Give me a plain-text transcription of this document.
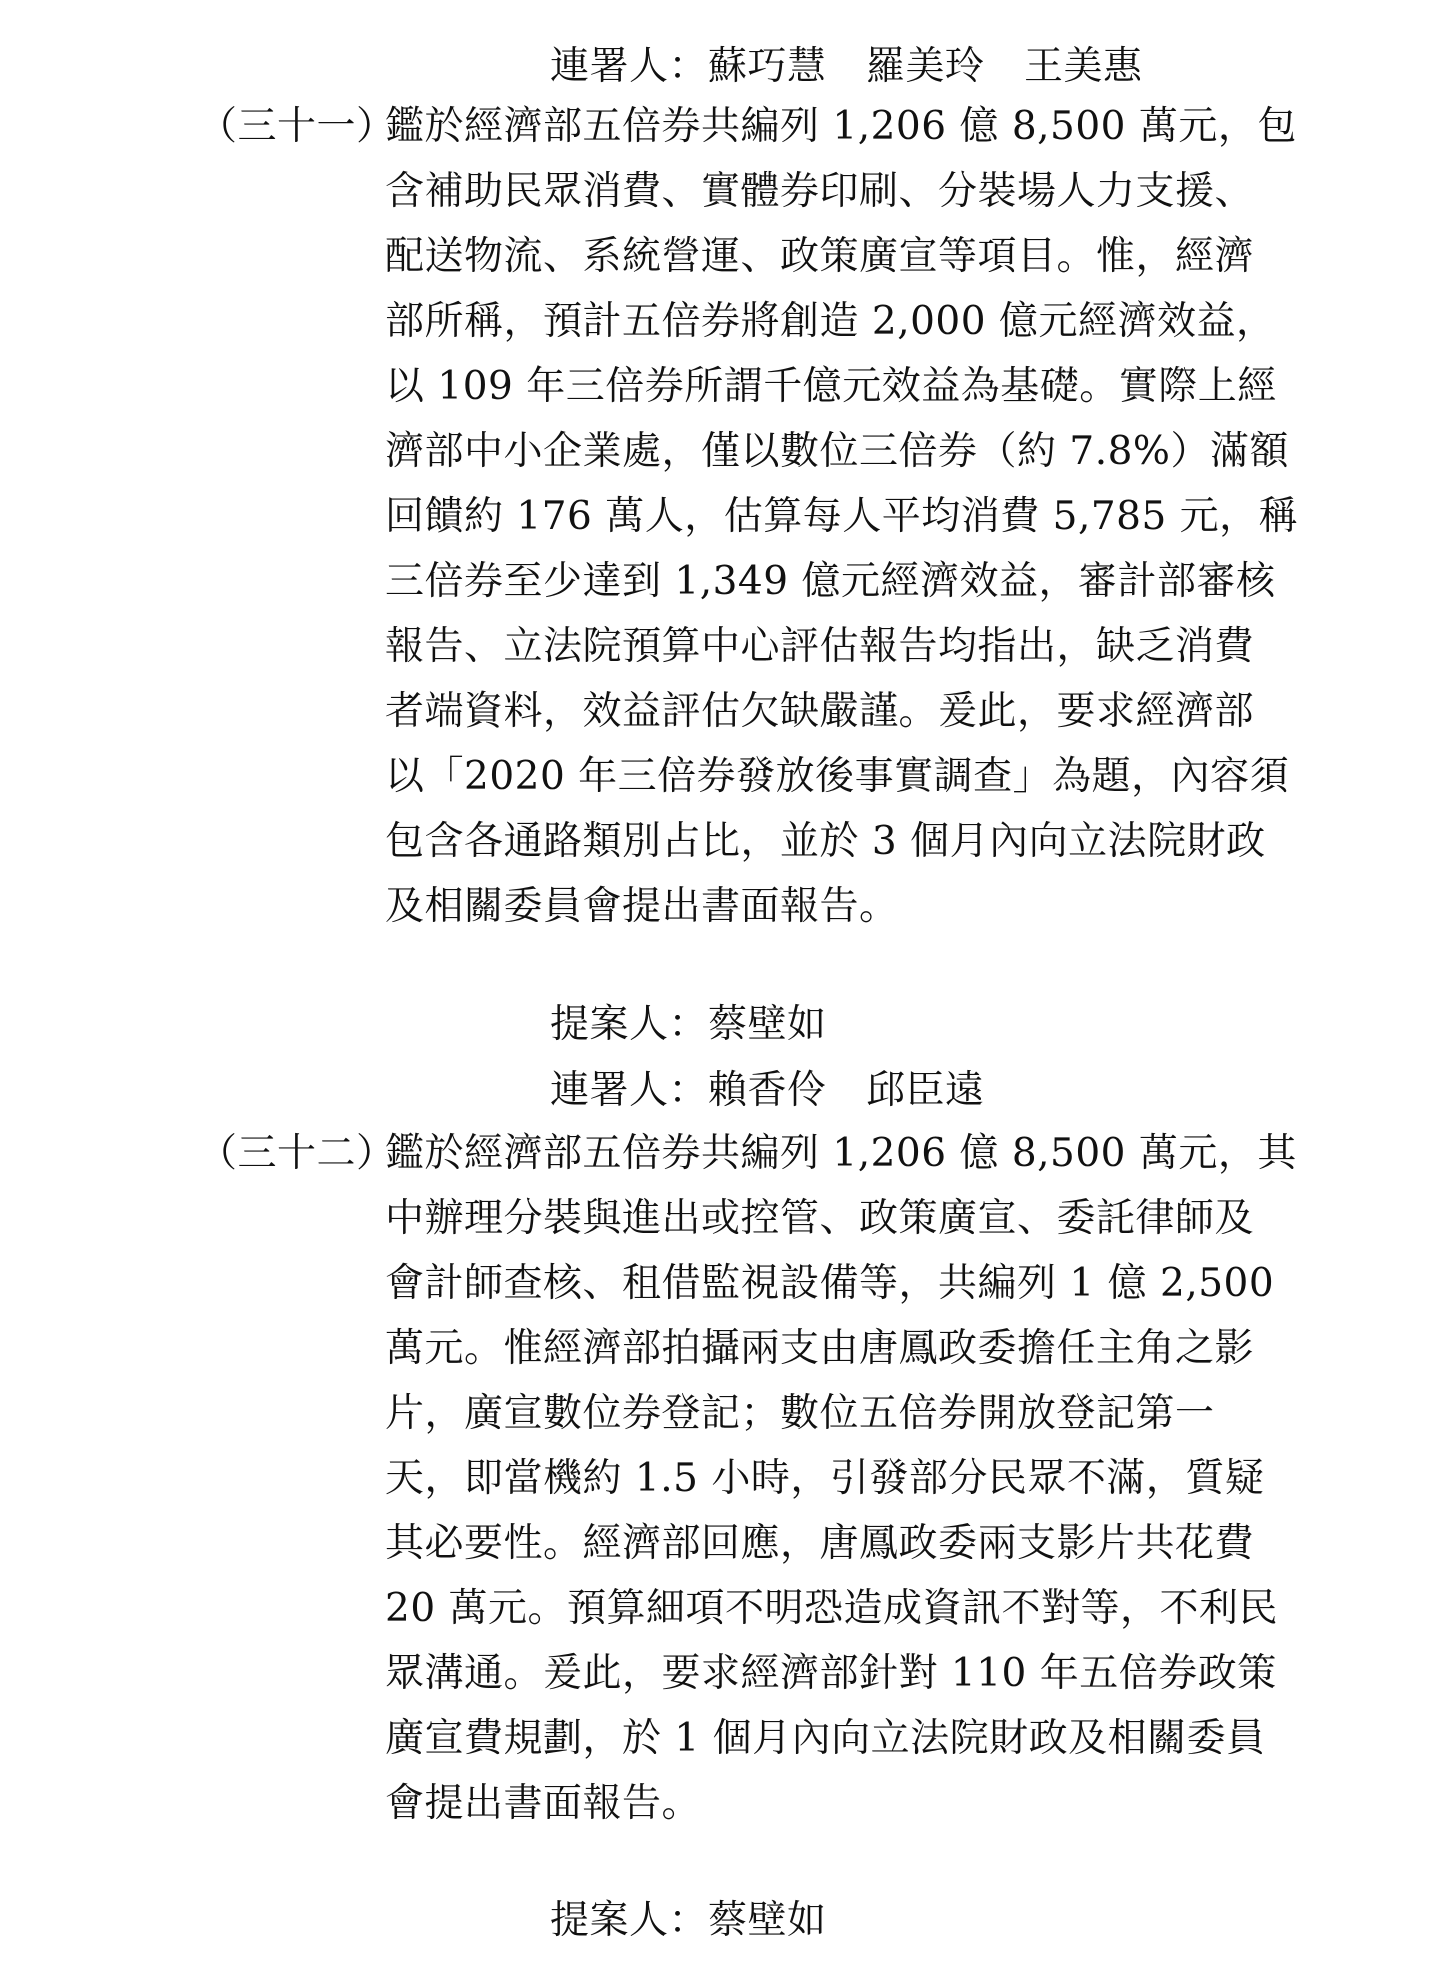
連署人：蘇巧慧　羅美玲　王美惠
（三十一）
鑑於經濟部五倍券共編列 1,206 億 8,500 萬元，包
含補助民眾消費、實體券印刷、分裝場人力支援、
配送物流、系統營運、政策廣宣等項目。惟，經濟
部所稱，預計五倍券將創造 2,000 億元經濟效益，
以 109 年三倍券所謂千億元效益為基礎。實際上經
濟部中小企業處，僅以數位三倍券（約 7.8%）滿額
回饋約 176 萬人，估算每人平均消費 5,785 元，稱
三倍券至少達到 1,349 億元經濟效益，審計部審核
報告、立法院預算中心評估報告均指出，缺乏消費
者端資料，效益評估欠缺嚴謹。爰此，要求經濟部
以「2020 年三倍券發放後事實調查」為題，內容須
包含各通路類別占比，並於 3 個月內向立法院財政
及相關委員會提出書面報告。
提案人：蔡壁如
連署人：賴香伶　邱臣遠
（三十二）
鑑於經濟部五倍券共編列 1,206 億 8,500 萬元，其
中辦理分裝與進出或控管、政策廣宣、委託律師及
會計師查核、租借監視設備等，共編列 1 億 2,500
萬元。惟經濟部拍攝兩支由唐鳳政委擔任主角之影
片，廣宣數位券登記；數位五倍券開放登記第一
天，即當機約 1.5 小時，引發部分民眾不滿，質疑
其必要性。經濟部回應，唐鳳政委兩支影片共花費
20 萬元。預算細項不明恐造成資訊不對等，不利民
眾溝通。爰此，要求經濟部針對 110 年五倍券政策
廣宣費規劃，於 1 個月內向立法院財政及相關委員
會提出書面報告。
提案人：蔡壁如
